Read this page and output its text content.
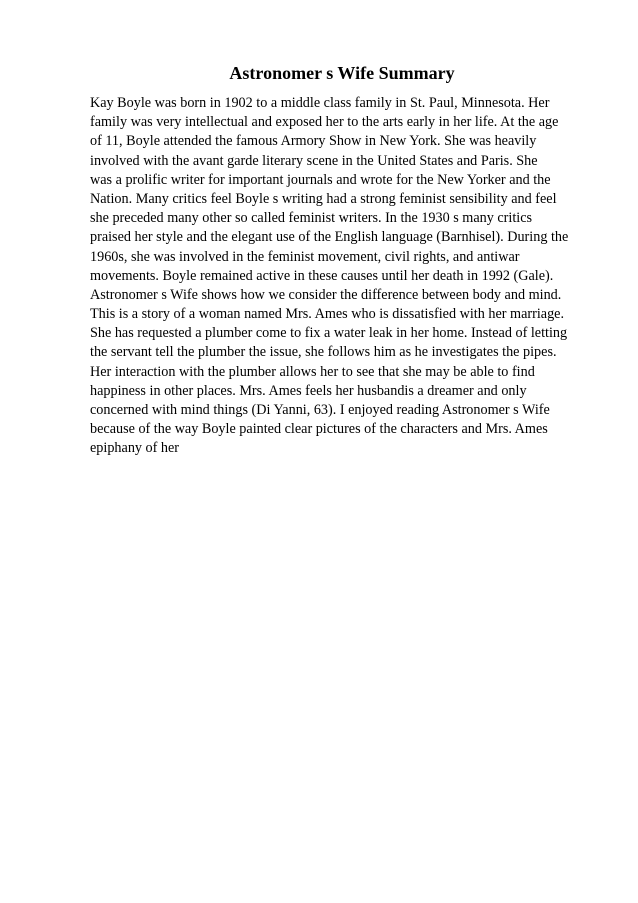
Astronomer s Wife Summary
Kay Boyle was born in 1902 to a middle class family in St. Paul, Minnesota. Her
family was very intellectual and exposed her to the arts early in her life. At the age
of 11, Boyle attended the famous Armory Show in New York. She was heavily
involved with the avant garde literary scene in the United States and Paris. She
was a prolific writer for important journals and wrote for the New Yorker and the
Nation. Many critics feel Boyle s writing had a strong feminist sensibility and feel
she preceded many other so called feminist writers. In the 1930 s many critics
praised her style and the elegant use of the English language (Barnhisel). During the
1960s, she was involved in the feminist movement, civil rights, and antiwar
movements. Boyle remained active in these causes until her death in 1992 (Gale).
Astronomer s Wife shows how we consider the difference between body and mind.
This is a story of a woman named Mrs. Ames who is dissatisfied with her marriage.
She has requested a plumber come to fix a water leak in her home. Instead of letting
the servant tell the plumber the issue, she follows him as he investigates the pipes.
Her interaction with the plumber allows her to see that she may be able to find
happiness in other places. Mrs. Ames feels her husbandis a dreamer and only
concerned with mind things (Di Yanni, 63). I enjoyed reading Astronomer s Wife
because of the way Boyle painted clear pictures of the characters and Mrs. Ames
epiphany of her
